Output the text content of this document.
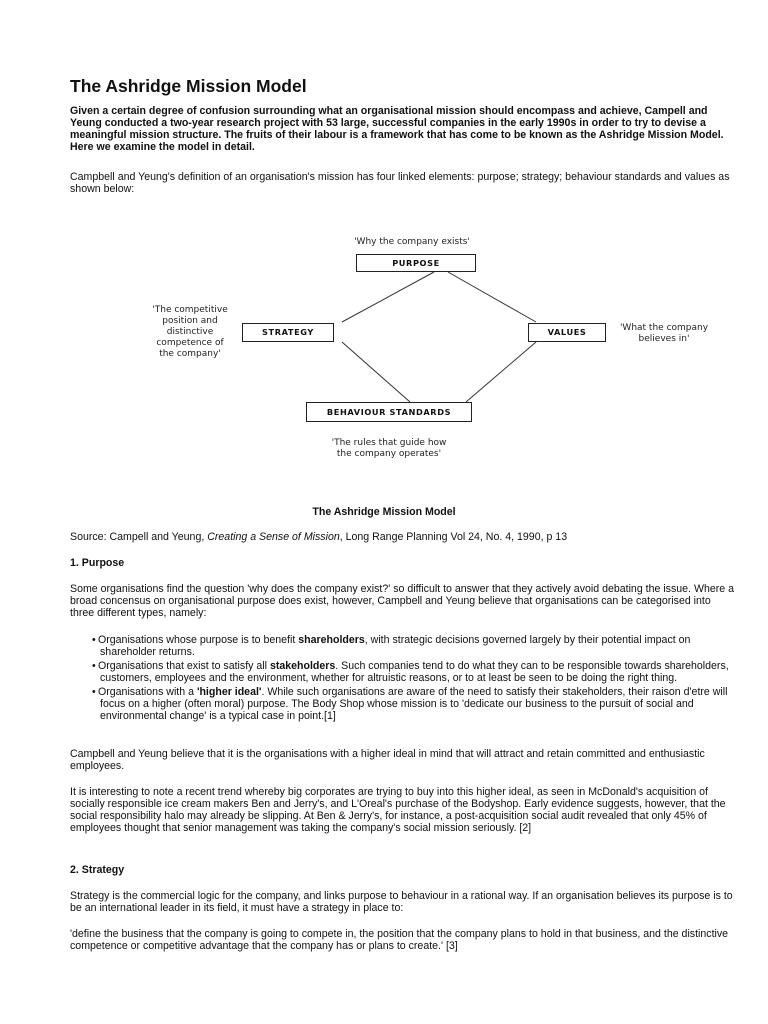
The Ashridge Mission Model

Given a certain degree of confusion surrounding what an organisational mission should encompass and achieve, Campell and Yeung conducted a two-year research project with 53 large, successful companies in the early 1990s in order to try to devise a meaningful mission structure. The fruits of their labour is a framework that has come to be known as the Ashridge Mission Model. Here we examine the model in detail.

Campbell and Yeung's definition of an organisation's mission has four linked elements: purpose; strategy; behaviour standards and values as shown below:

'Why the company exists'
PURPOSE
'The competitive
position and
distinctive
competence of
the company'
STRATEGY	VALUES	'What the company
believes in'
BEHAVIOUR STANDARDS
'The rules that guide how
the company operates'
The Ashridge Mission Model

Source: Campell and Yeung, Creating a Sense of Mission, Long Range Planning Vol 24, No. 4, 1990, p 13

1. Purpose

Some organisations find the question 'why does the company exist?' so difficult to answer that they actively avoid debating the issue. Where a broad concensus on organisational purpose does exist, however, Campbell and Yeung believe that organisations can be categorised into three different types, namely:

• Organisations whose purpose is to benefit shareholders, with strategic decisions governed largely by their potential impact on shareholder returns.
• Organisations that exist to satisfy all stakeholders. Such companies tend to do what they can to be responsible towards shareholders, customers, employees and the environment, whether for altruistic reasons, or to at least be seen to be doing the right thing.
• Organisations with a 'higher ideal'. While such organisations are aware of the need to satisfy their stakeholders, their raison d'etre will focus on a higher (often moral) purpose. The Body Shop whose mission is to 'dedicate our business to the pursuit of social and environmental change' is a typical case in point.[1]

Campbell and Yeung believe that it is the organisations with a higher ideal in mind that will attract and retain committed and enthusiastic employees.

It is interesting to note a recent trend whereby big corporates are trying to buy into this higher ideal, as seen in McDonald's acquisition of socially responsible ice cream makers Ben and Jerry's, and L'Oreal's purchase of the Bodyshop. Early evidence suggests, however, that the social responsibility halo may already be slipping. At Ben & Jerry's, for instance, a post-acquisition social audit revealed that only 45% of employees thought that senior management was taking the company's social mission seriously. [2]

2. Strategy

Strategy is the commercial logic for the company, and links purpose to behaviour in a rational way. If an organisation believes its purpose is to be an international leader in its field, it must have a strategy in place to:

'define the business that the company is going to compete in, the position that the company plans to hold in that business, and the distinctive competence or competitive advantage that the company has or plans to create.' [3]
